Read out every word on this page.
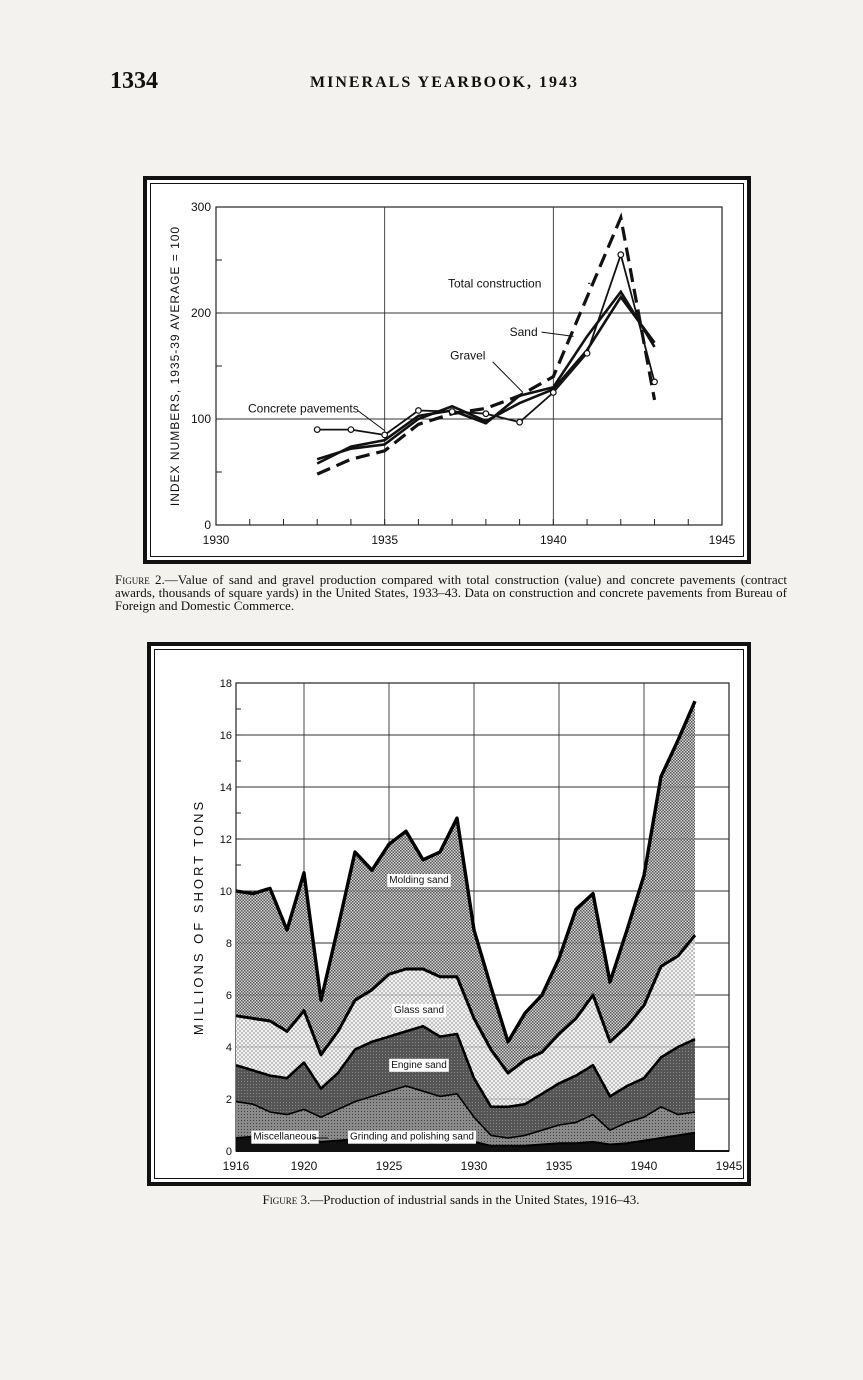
1334	MINERALS YEARBOOK, 1943
1930	1935	1940	1945
0
100
200
300
INDEX NUMBERS, 1935-39 AVERAGE = 100	Total construction
Sand
Gravel
Concrete pavements
Figure 2.—Value of sand and gravel production compared with total construction (value) and concrete pavements (contract awards, thousands of square yards) in the United States, 1933–43. Data on construction and concrete pavements from Bureau of Foreign and Domestic Commerce.
1916	1920	1925	1930	1935	1940	1945
0
2
4
6
8
10
12
14
16
18
MILLIONS OF SHORT TONS	Molding sand
Glass sand
Engine sand
Grinding and polishing sand
Miscellaneous
Figure 3.—Production of industrial sands in the United States, 1916–43.
